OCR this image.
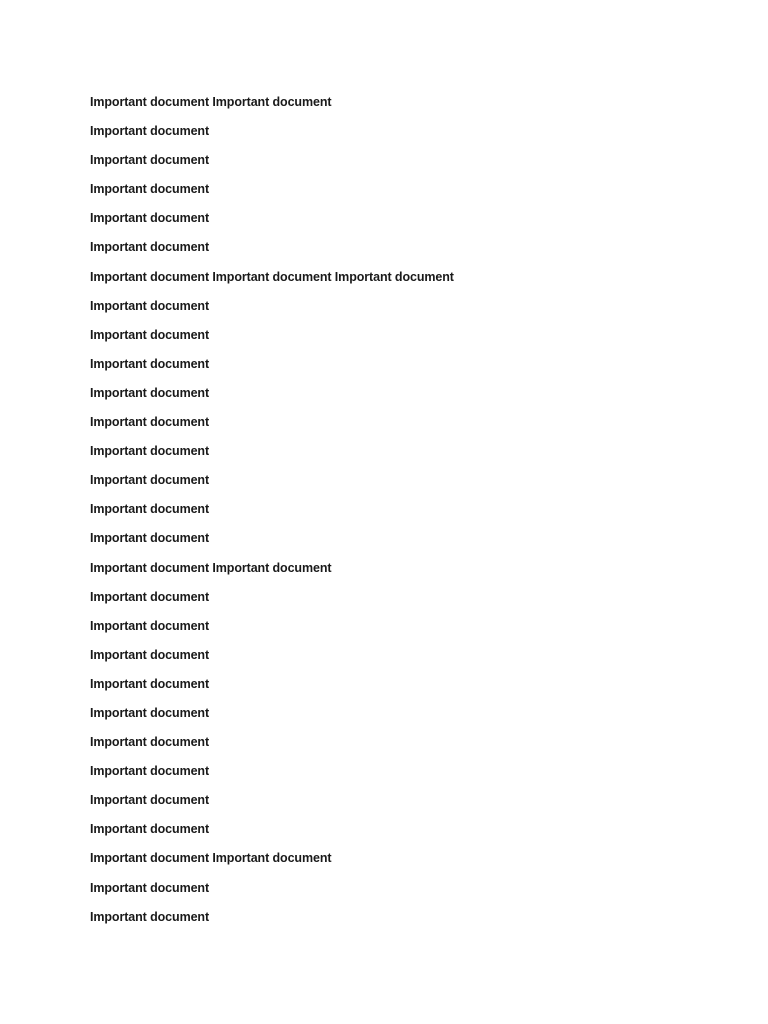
Important document Important document
Important document
Important document
Important document
Important document
Important document
Important document Important document Important document
Important document
Important document
Important document
Important document
Important document
Important document
Important document
Important document
Important document
Important document Important document
Important document
Important document
Important document
Important document
Important document
Important document
Important document
Important document
Important document
Important document Important document
Important document
Important document
